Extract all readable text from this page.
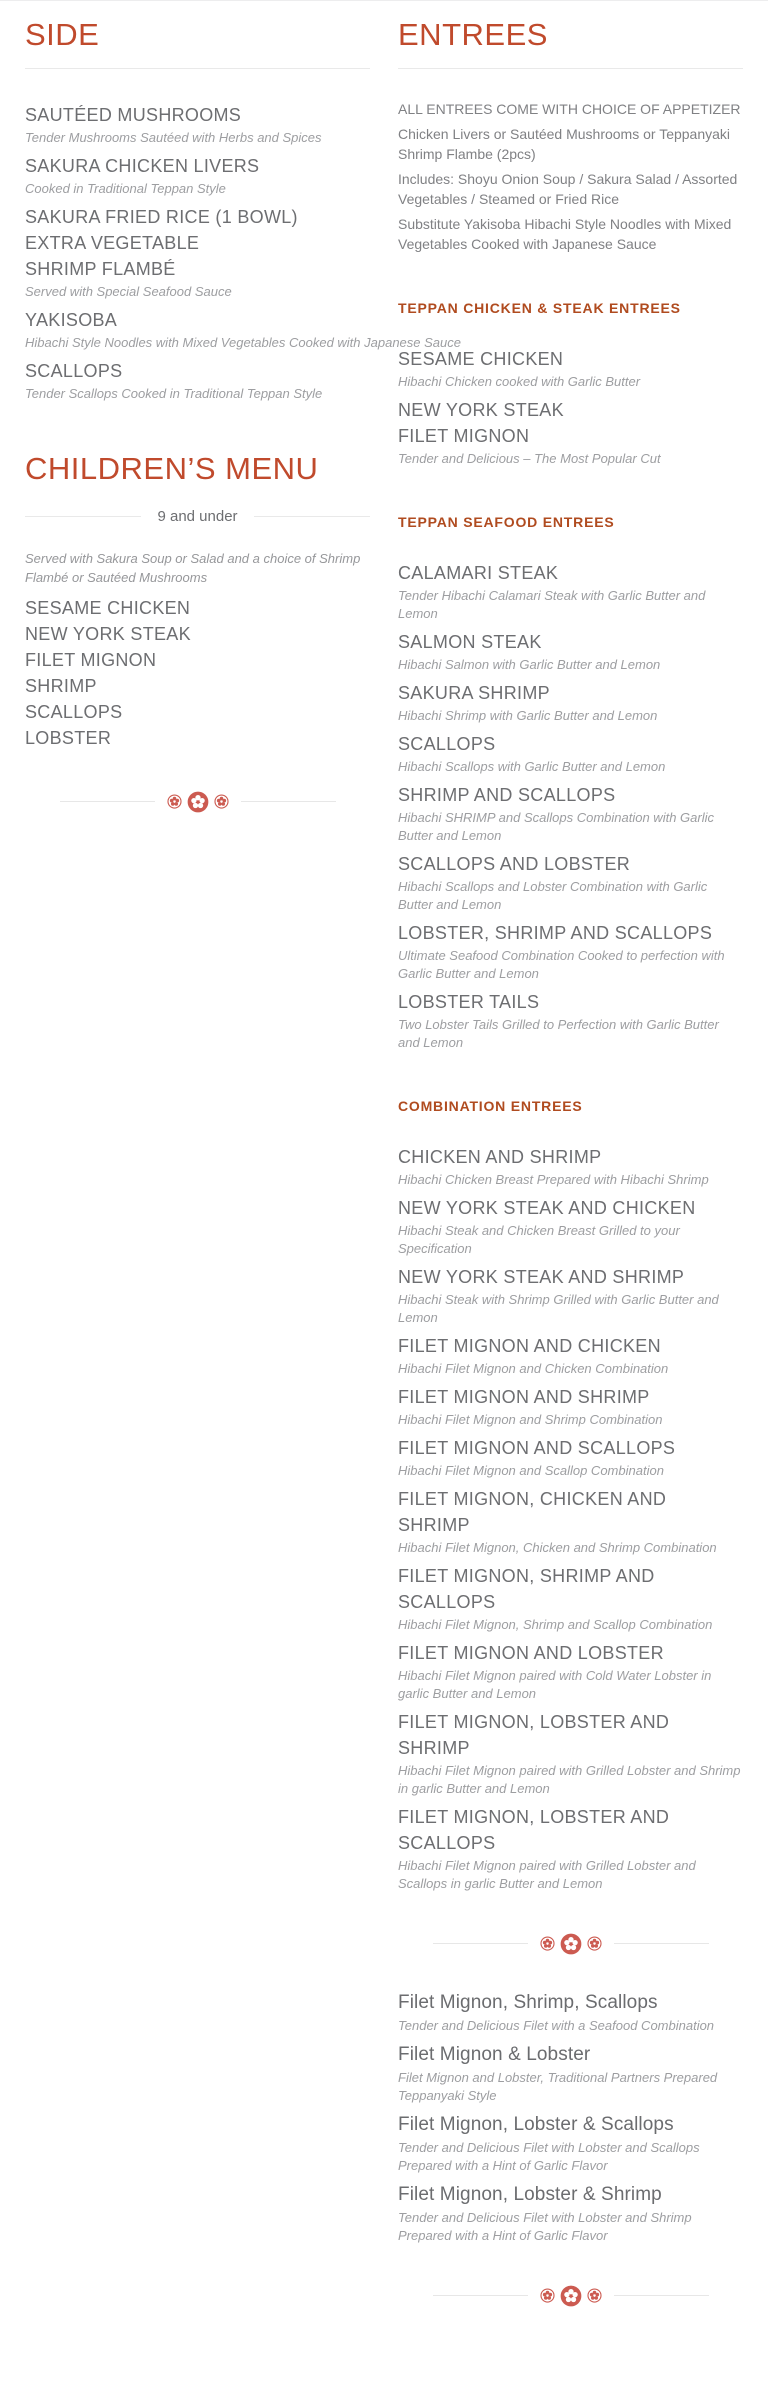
SIDE
SAUTÉED MUSHROOMS
Tender Mushrooms Sautéed with Herbs and Spices
SAKURA CHICKEN LIVERS
Cooked in Traditional Teppan Style
SAKURA FRIED RICE (1 BOWL)
EXTRA VEGETABLE
SHRIMP FLAMBÉ
Served with Special Seafood Sauce
YAKISOBA
Hibachi Style Noodles with Mixed Vegetables Cooked with Japanese Sauce
SCALLOPS
Tender Scallops Cooked in Traditional Teppan Style
CHILDREN’S MENU
9 and under

Served with Sakura Soup or Salad and a choice of Shrimp Flambé or Sautéed Mushrooms

SESAME CHICKEN
NEW YORK STEAK
FILET MIGNON
SHRIMP
SCALLOPS
LOBSTER
ENTREES

ALL ENTREES COME WITH CHOICE OF APPETIZER

Chicken Livers or Sautéed Mushrooms or Teppanyaki Shrimp Flambe (2pcs)

Includes: Shoyu Onion Soup / Sakura Salad / Assorted Vegetables / Steamed or Fried Rice

Substitute Yakisoba Hibachi Style Noodles with Mixed Vegetables Cooked with Japanese Sauce

TEPPAN CHICKEN & STEAK ENTREES
SESAME CHICKEN
Hibachi Chicken cooked with Garlic Butter
NEW YORK STEAK
FILET MIGNON
Tender and Delicious – The Most Popular Cut
TEPPAN SEAFOOD ENTREES
CALAMARI STEAK
Tender Hibachi Calamari Steak with Garlic Butter and Lemon
SALMON STEAK
Hibachi Salmon with Garlic Butter and Lemon
SAKURA SHRIMP
Hibachi Shrimp with Garlic Butter and Lemon
SCALLOPS
Hibachi Scallops with Garlic Butter and Lemon
SHRIMP AND SCALLOPS
Hibachi SHRIMP and Scallops Combination with Garlic Butter and Lemon
SCALLOPS AND LOBSTER
Hibachi Scallops and Lobster Combination with Garlic Butter and Lemon
LOBSTER, SHRIMP AND SCALLOPS
Ultimate Seafood Combination Cooked to perfection with Garlic Butter and Lemon
LOBSTER TAILS
Two Lobster Tails Grilled to Perfection with Garlic Butter and Lemon
COMBINATION ENTREES
CHICKEN AND SHRIMP
Hibachi Chicken Breast Prepared with Hibachi Shrimp
NEW YORK STEAK AND CHICKEN
Hibachi Steak and Chicken Breast Grilled to your Specification
NEW YORK STEAK AND SHRIMP
Hibachi Steak with Shrimp Grilled with Garlic Butter and Lemon
FILET MIGNON AND CHICKEN
Hibachi Filet Mignon and Chicken Combination
FILET MIGNON AND SHRIMP
Hibachi Filet Mignon and Shrimp Combination
FILET MIGNON AND SCALLOPS
Hibachi Filet Mignon and Scallop Combination
FILET MIGNON, CHICKEN AND SHRIMP
Hibachi Filet Mignon, Chicken and Shrimp Combination
FILET MIGNON, SHRIMP AND SCALLOPS
Hibachi Filet Mignon, Shrimp and Scallop Combination
FILET MIGNON AND LOBSTER
Hibachi Filet Mignon paired with Cold Water Lobster in garlic Butter and Lemon
FILET MIGNON, LOBSTER AND SHRIMP
Hibachi Filet Mignon paired with Grilled Lobster and Shrimp in garlic Butter and Lemon
FILET MIGNON, LOBSTER AND SCALLOPS
Hibachi Filet Mignon paired with Grilled Lobster and Scallops in garlic Butter and Lemon
Filet Mignon, Shrimp, Scallops
Tender and Delicious Filet with a Seafood Combination
Filet Mignon & Lobster
Filet Mignon and Lobster, Traditional Partners Prepared Teppanyaki Style
Filet Mignon, Lobster & Scallops
Tender and Delicious Filet with Lobster and Scallops Prepared with a Hint of Garlic Flavor
Filet Mignon, Lobster & Shrimp
Tender and Delicious Filet with Lobster and Shrimp Prepared with a Hint of Garlic Flavor
